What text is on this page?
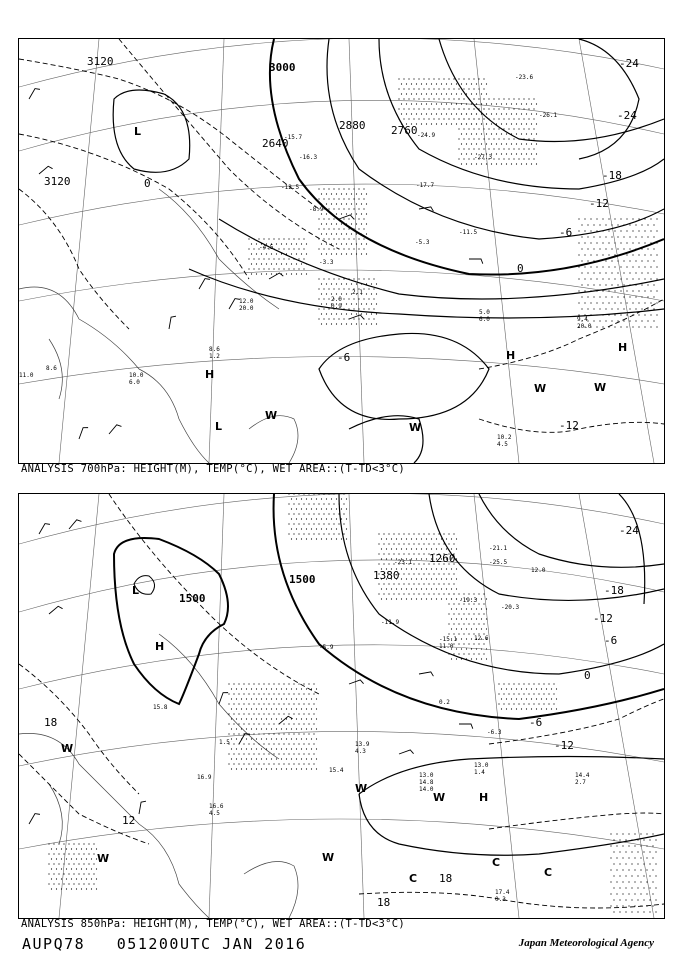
3120	3000
2880 2760
3120
2640
-24
-24
-18
-12
-6
0
0
-6
-12
L
L
H
H
H
W
W
W	W
10.2
4.5
9.4
20.0
5.0
6.0
8.6
1.2
12.0
20.0
10.0
6.0
11.0
8.6
-15.7
-16.3
-12.5
-8.9
-4.5
-3.3
2.1
2.0
0.9
-17.7
-11.5
-5.3
-24.9
-27.3
-23.6
-26.1
ANALYSIS 700hPa: HEIGHT(M), TEMP(°C), WET AREA::(T-TD<3°C)
1500
1500	1380
1260
-24
-18
-12
-6
0
-6
-12
18
18
18
12
L
H
W
W	W
H
W
W
C
C
C
13.0
1.4	14.4
2.7
17.4
0.3
16.6
4.5
15.8
13.0
15.4
16.9
14.8
14.0
13.9
4.3
0.2
-5.9
-11.9
-15.1
-19.3
-23.1
-20.3
-25.5
-21.1
12.0
12.6
11.0
-6.3
1.5
ANALYSIS 850hPa: HEIGHT(M), TEMP(°C), WET AREA::(T-TD<3°C)
AUPQ78 051200UTC JAN 2016	Japan Meteorological Agency
